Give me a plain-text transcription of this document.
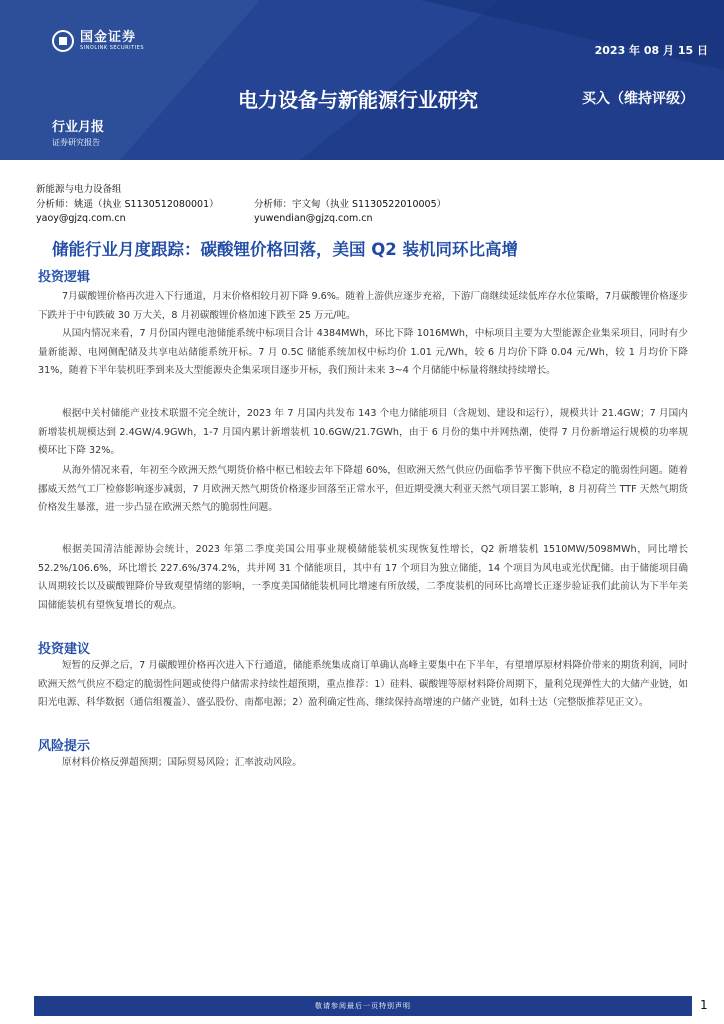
国金证券
SINOLINK SECURITIES	2023 年 08 月 15 日
电力设备与新能源行业研究	买入（维持评级）
行业月报
证券研究报告
新能源与电力设备组
分析师：姚遥（执业 S1130512080001）	分析师：宇文甸（执业 S1130522010005）
yaoy@gjzq.com.cn	yuwendian@gjzq.com.cn
储能行业月度跟踪：碳酸锂价格回落，美国 Q2 装机同环比高增
投资逻辑
7月碳酸锂价格再次进入下行通道，月末价格相较月初下降 9.6%。随着上游供应逐步充裕，下游厂商继续延续低库存水位策略，7月碳酸锂价格逐步下跌并于中旬跌破 30 万大关，8 月初碳酸锂价格加速下跌至 25 万元/吨。
从国内情况来看，7 月份国内锂电池储能系统中标项目合计 4384MWh，环比下降 1016MWh，中标项目主要为大型能源企业集采项目，同时有少量新能源、电网侧配储及共享电站储能系统开标。7 月 0.5C 储能系统加权中标均价 1.01 元/Wh，较 6 月均价下降 0.04 元/Wh，较 1 月均价下降 31%，随着下半年装机旺季到来及大型能源央企集采项目逐步开标，我们预计未来 3~4 个月储能中标量将继续持续增长。
根据中关村储能产业技术联盟不完全统计，2023 年 7 月国内共发布 143 个电力储能项目（含规划、建设和运行），规模共计 21.4GW；7 月国内新增装机规模达到 2.4GW/4.9GWh，1-7 月国内累计新增装机 10.6GW/21.7GWh，由于 6 月份的集中并网热潮，使得 7 月份新增运行规模的功率规模环比下降 32%。
从海外情况来看，年初至今欧洲天然气期货价格中枢已相较去年下降超 60%，但欧洲天然气供应仍面临季节平衡下供应不稳定的脆弱性问题。随着挪威天然气工厂检修影响逐步减弱，7 月欧洲天然气期货价格逐步回落至正常水平，但近期受澳大利亚天然气项目罢工影响，8 月初荷兰 TTF 天然气期货价格发生暴涨，进一步凸显在欧洲天然气的脆弱性问题。
根据美国清洁能源协会统计，2023 年第二季度美国公用事业规模储能装机实现恢复性增长，Q2 新增装机 1510MW/5098MWh，同比增长 52.2%/106.6%，环比增长 227.6%/374.2%，共并网 31 个储能项目，其中有 17 个项目为独立储能，14 个项目为风电或光伏配储。由于储能项目确认周期较长以及碳酸锂降价导致观望情绪的影响，一季度美国储能装机同比增速有所放缓，二季度装机的同环比高增长正逐步验证我们此前认为下半年美国储能装机有望恢复增长的观点。
投资建议
短暂的反弹之后，7 月碳酸锂价格再次进入下行通道，储能系统集成商订单确认高峰主要集中在下半年，有望增厚原材料降价带来的期货利润，同时欧洲天然气供应不稳定的脆弱性问题或使得户储需求持续性超预期，重点推荐：1）硅料、碳酸锂等原材料降价周期下，量利兑现弹性大的大储产业链，如阳光电源、科华数据（通信组覆盖）、盛弘股份、南都电源；2）盈利确定性高、继续保持高增速的户储产业链，如科士达（完整版推荐见正文）。
风险提示
原材料价格反弹超预期；国际贸易风险；汇率波动风险。
敬请参阅最后一页特别声明	1
